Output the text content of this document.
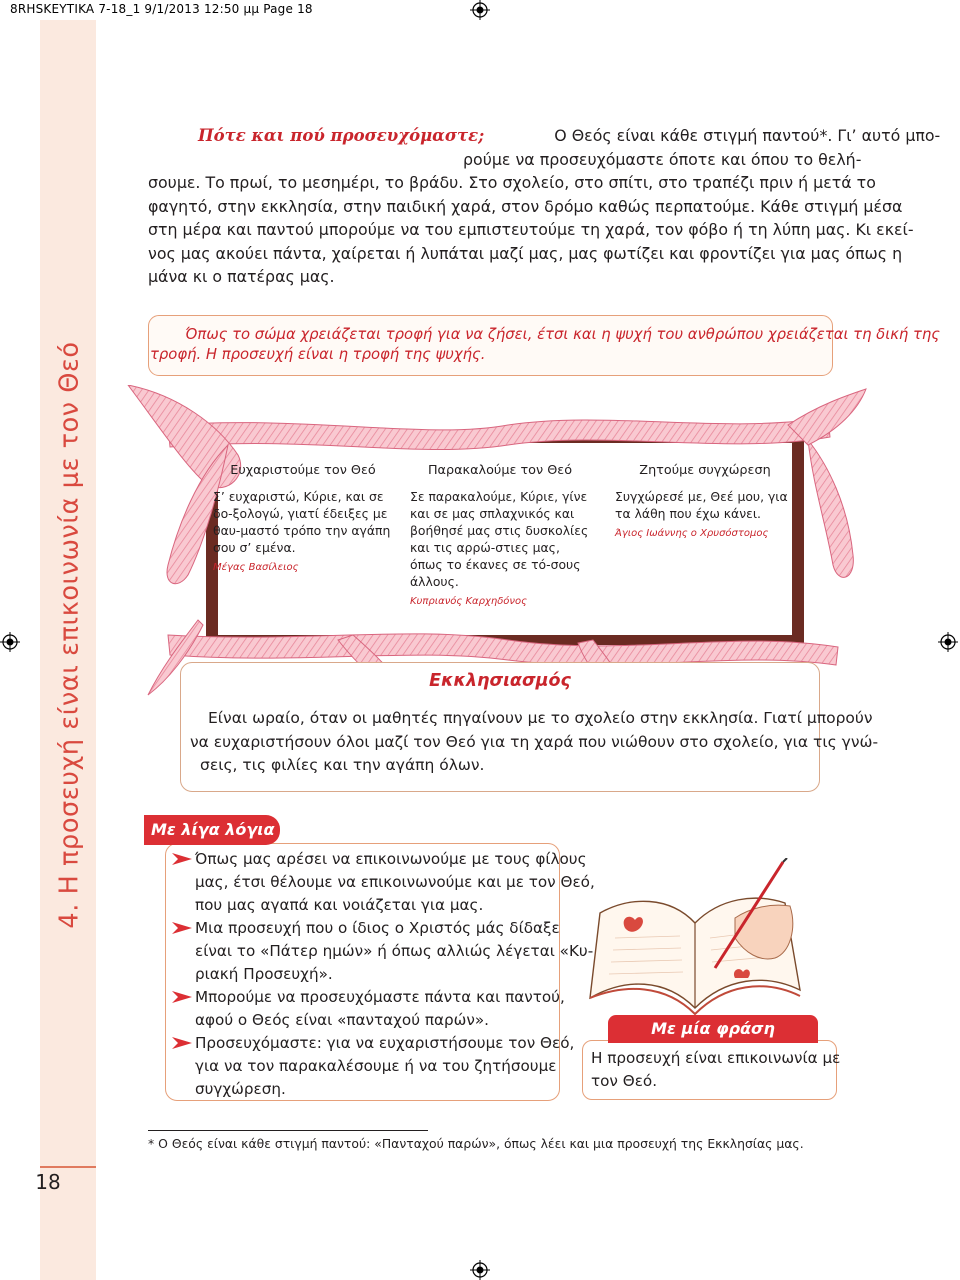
8RHSKEYTIKA 7-18_1 9/1/2013 12:50 μμ Page 18
4. Η προσευχή είναι επικοινωνία με τον Θεό
18
Πότε και πού προσευχόμαστε;	Ο Θεός είναι κάθε στιγμή παντού*. Γι’ αυτό μπο-
ρούμε να προσευχόμαστε όποτε και όπου το θελή-
σουμε. Το πρωί, το μεσημέρι, το βράδυ. Στο σχολείο, στο σπίτι, στο τραπέζι πριν ή μετά το
φαγητό, στην εκκλησία, στην παιδική χαρά, στον δρόμο καθώς περπατούμε. Κάθε στιγμή μέσα
στη μέρα και παντού μπορούμε να του εμπιστευτούμε τη χαρά, τον φόβο ή τη λύπη μας. Κι εκεί-
νος μας ακούει πάντα, χαίρεται ή λυπάται μαζί μας, μας φωτίζει και φροντίζει για μας όπως η
μάνα κι ο πατέρας μας.
Όπως το σώμα χρειάζεται τροφή για να ζήσει, έτσι και η ψυχή του ανθρώπου χρειάζεται τη δική της
τροφή. Η προσευχή είναι η τροφή της ψυχής.
Ευχαριστούμε τον Θεό
Σ’ ευχαριστώ, Κύριε, και σε δο-ξολογώ, γιατί έδειξες με θαυ-μαστό τρόπο την αγάπη σου σ’ εμένα.
Μέγας Βασίλειος
Παρακαλούμε τον Θεό
Σε παρακαλούμε, Κύριε, γίνε και σε μας σπλαχνικός και βοήθησέ μας στις δυσκολίες και τις αρρώ-στιες μας, όπως το έκανες σε τό-σους άλλους.
Κυπριανός Καρχηδόνος
Ζητούμε συγχώρεση
Συγχώρεσέ με, Θεέ μου, για τα λάθη που έχω κάνει.
Άγιος Ιωάννης ο Χρυσόστομος
Εκκλησιασμός
Είναι ωραίο, όταν οι μαθητές πηγαίνουν με το σχολείο στην εκκλησία. Γιατί μπορούν
να ευχαριστήσουν όλοι μαζί τον Θεό για τη χαρά που νιώθουν στο σχολείο, για τις γνώ-
σεις, τις φιλίες και την αγάπη όλων.
Με λίγα λόγια
Όπως μας αρέσει να επικοινωνούμε με τους φίλους
μας, έτσι θέλουμε να επικοινωνούμε και με τον Θεό,
που μας αγαπά και νοιάζεται για μας.
Μια προσευχή που ο ίδιος ο Χριστός μάς δίδαξε
είναι το «Πάτερ ημών» ή όπως αλλιώς λέγεται «Κυ-
ριακή Προσευχή».
Μπορούμε να προσευχόμαστε πάντα και παντού,
αφού ο Θεός είναι «πανταχού παρών».
Προσευχόμαστε: για να ευχαριστήσουμε τον Θεό,
για να τον παρακαλέσουμε ή να του ζητήσουμε
συγχώρεση.
Με μία φράση
Η προσευχή είναι επικοινωνία με
τον Θεό.
* Ο Θεός είναι κάθε στιγμή παντού: «Πανταχού παρών», όπως λέει και μια προσευχή της Εκκλησίας μας.
